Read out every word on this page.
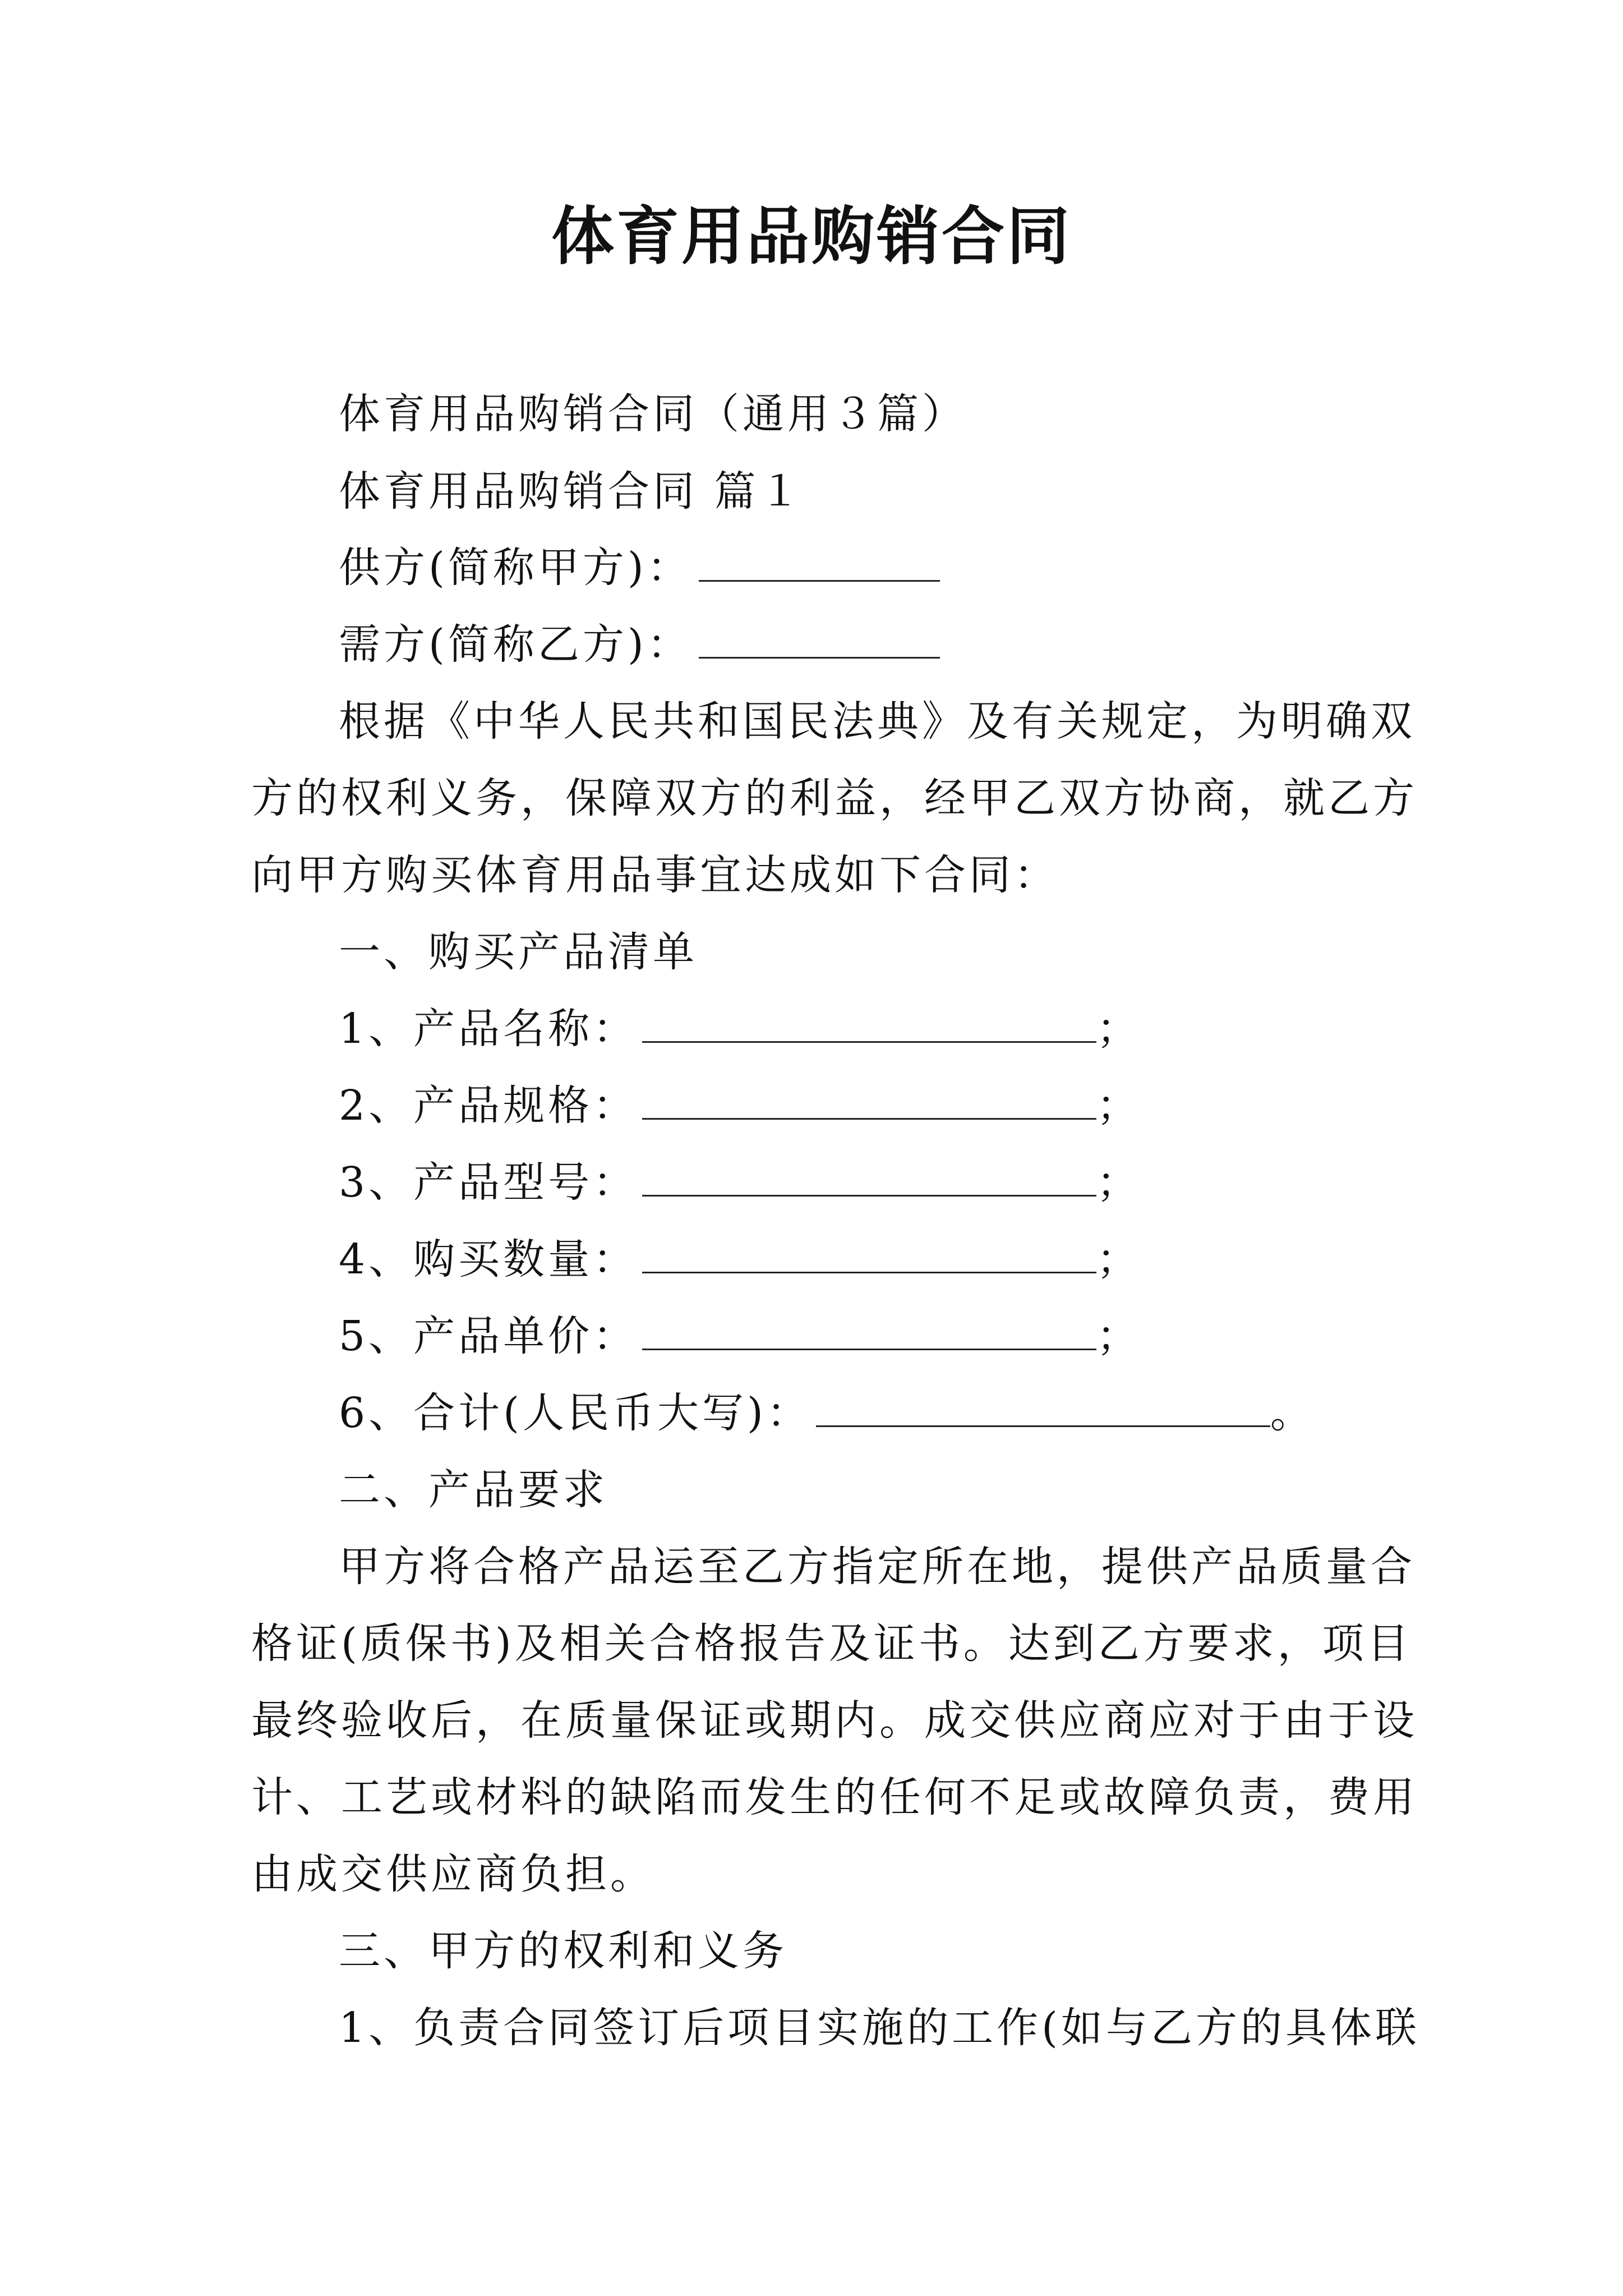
体育用品购销合同
体育用品购销合同（通用３篇）
体育用品购销合同 篇１
供方(简称甲方)：
需方(简称乙方)：
根据《中华人民共和国民法典》及有关规定，为明确双
方的权利义务，保障双方的利益，经甲乙双方协商，就乙方
向甲方购买体育用品事宜达成如下合同：
一、购买产品清单
1、产品名称：	；
2、产品规格：	；
3、产品型号：	；
4、购买数量：	；
5、产品单价：	；
6、合计(人民币大写)：	。
二、产品要求
甲方将合格产品运至乙方指定所在地，提供产品质量合
格证(质保书)及相关合格报告及证书。达到乙方要求，项目
最终验收后，在质量保证或期内。成交供应商应对于由于设
计、工艺或材料的缺陷而发生的任何不足或故障负责，费用
由成交供应商负担。
三、甲方的权利和义务
1、负责合同签订后项目实施的工作(如与乙方的具体联
